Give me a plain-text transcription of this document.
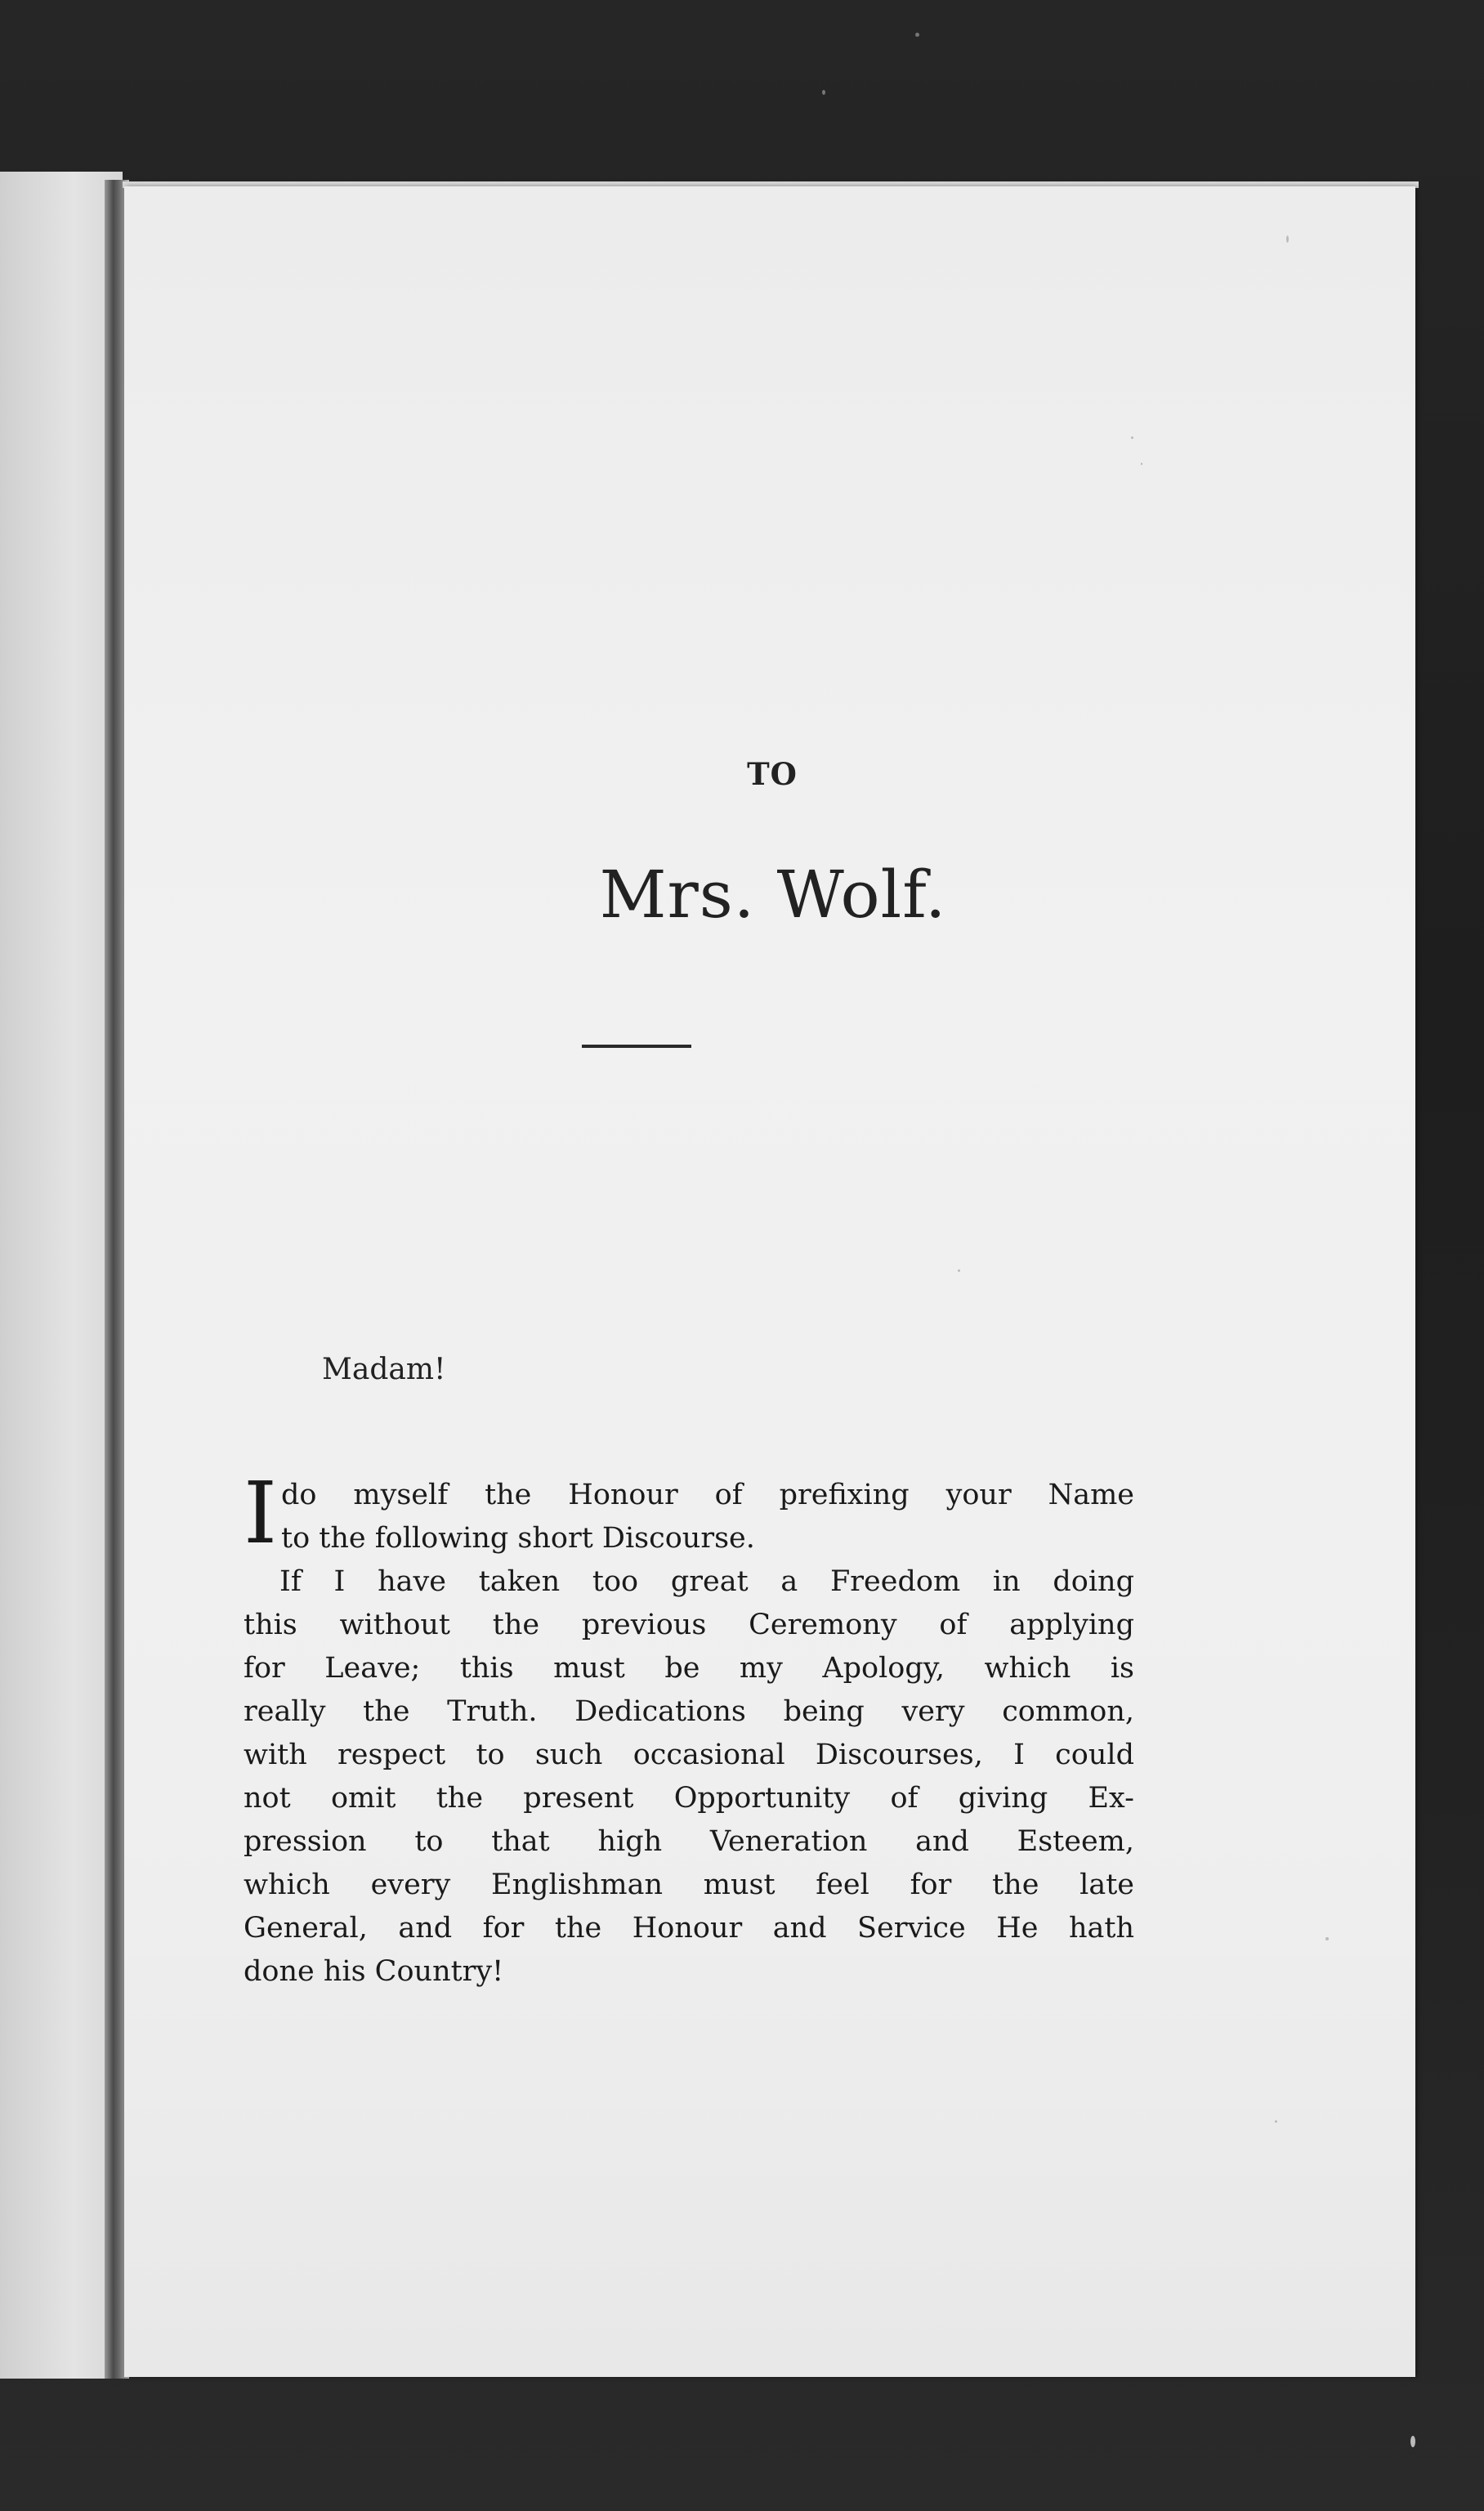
TO
Mrs. Wolf.
Madam!
I do myself the Honour of prefixing your Name
to the following short Discourse.
If I have taken too great a Freedom in doing
this without the previous Ceremony of applying
for Leave; this must be my Apology, which is
really the Truth. Dedications being very common,
with respect to such occasional Discourses, I could
not omit the present Opportunity of giving Ex-
pression to that high Veneration and Esteem,
which every Englishman must feel for the late
General, and for the Honour and Service He hath
done his Country!
